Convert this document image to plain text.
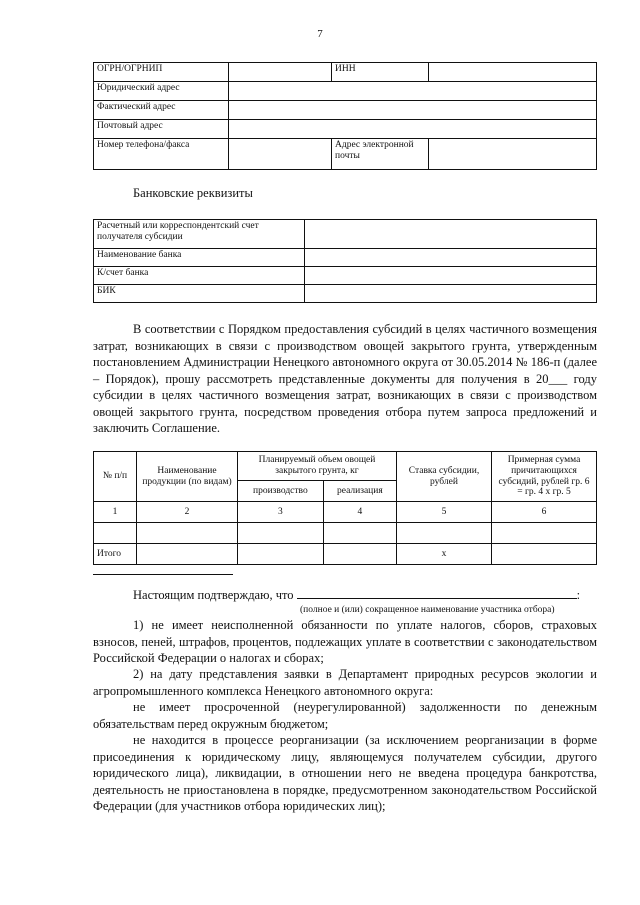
7
ОГРН/ОГРНИП		ИНН	
Юридический адрес			
Фактический адрес			
Почтовый адрес			
Номер телефона/факса		Адрес электронной почты	
Банковские реквизиты
Расчетный или корреспондентский счет получателя субсидии	
Наименование банка	
К/счет банка	
БИК	
В соответствии с Порядком предоставления субсидий в целях частичного возмещения затрат, возникающих в связи с производством овощей закрытого грунта, утвержденным постановлением Администрации Ненецкого автономного округа от 30.05.2014 № 186-п (далее – Порядок), прошу рассмотреть представленные документы для получения в 20___ году субсидии в целях частичного возмещения затрат, возникающих в связи с производством овощей закрытого грунта, посредством проведения отбора путем запроса предложений и заключить Соглашение.
№ п/п	Наименование продукции (по видам)	Планируемый объем овощей закрытого грунта, кг		Ставка субсидии, рублей	Примерная сумма причитающихся субсидий, рублей гр. 6 = гр. 4 х гр. 5
		производство	реализация		
1	2	3	4	5	6

Итого				х	
Настоящим подтверждаю, что	:
(полное и (или) сокращенное наименование участника отбора)
1) не имеет неисполненной обязанности по уплате налогов, сборов, страховых взносов, пеней, штрафов, процентов, подлежащих уплате в соответствии с законодательством Российской Федерации о налогах и сборах;
2) на дату представления заявки в Департамент природных ресурсов экологии и агропромышленного комплекса Ненецкого автономного округа:
не имеет просроченной (неурегулированной) задолженности по денежным обязательствам перед окружным бюджетом;
не находится в процессе реорганизации (за исключением реорганизации в форме присоединения к юридическому лицу, являющемуся получателем субсидии, другого юридического лица), ликвидации, в отношении него не введена процедура банкротства, деятельность не приостановлена в порядке, предусмотренном законодательством Российской Федерации (для участников отбора юридических лиц);
